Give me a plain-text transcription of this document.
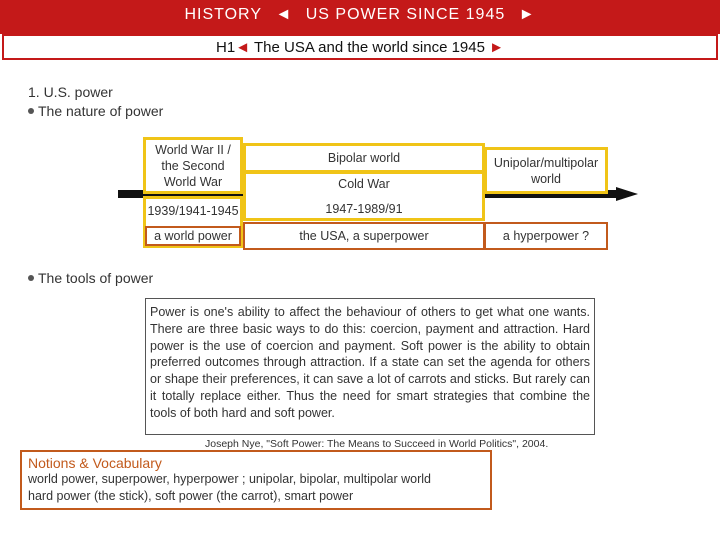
HISTORY ◄ US POWER SINCE 1945 ►
H1◄ The USA and the world since 1945 ►
1. U.S. power
The nature of power
World War II / the Second World War
1939/1941-1945
a world power
Bipolar world
Cold War
1947-1989/91
the USA, a superpower
Unipolar/multipolar world
a hyperpower ?
The tools of power
Power is one's ability to affect the behaviour of others to get what one wants. There are three basic ways to do this: coercion, payment and attraction. Hard power is the use of coercion and payment. Soft power is the ability to obtain preferred outcomes through attraction. If a state can set the agenda for others or shape their preferences, it can save a lot of carrots and sticks. But rarely can it totally replace either. Thus the need for smart strategies that combine the tools of both hard and soft power.
Joseph Nye, "Soft Power: The Means to Succeed in World Politics", 2004.
Notions & Vocabulary
world power, superpower, hyperpower ; unipolar, bipolar, multipolar world
hard power (the stick), soft power (the carrot), smart power
